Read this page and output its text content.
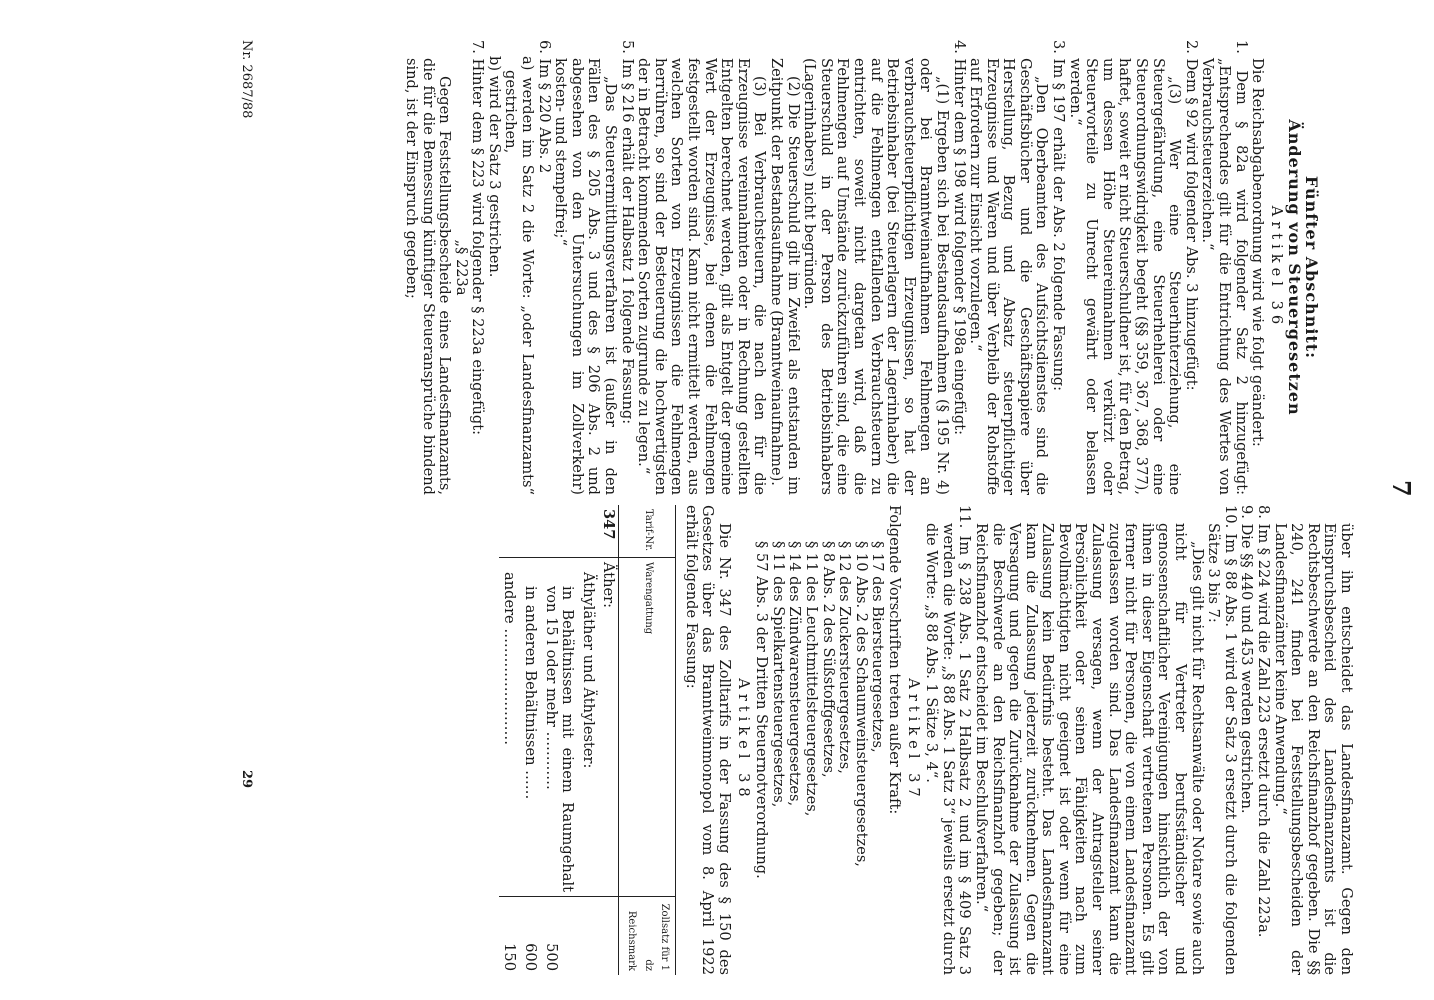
7

Fünfter Abschnitt:

Änderung von Steuergesetzen

Artikel 36

Die Reichsabgabenordnung wird wie folgt geändert:

1. Dem § 82a wird folgender Satz 2 hinzugefügt: „Entsprechendes gilt für die Entrichtung des Wertes von Verbrauchsteuerzeichen.“

2. Dem § 92 wird folgender Abs. 3 hinzugefügt:

„(3) Wer eine Steuerhinterziehung, eine Steuergefährdung, eine Steuerhehlerei oder eine Steuerordnungswidrigkeit begeht (§§ 359, 367, 368, 377), haftet, soweit er nicht Steuerschuldner ist, für den Betrag, um dessen Höhe Steuereinnahmen verkürzt oder Steuervorteile zu Unrecht gewährt oder belassen werden.“

3. Im § 197 erhält der Abs. 2 folgende Fassung:

„Den Oberbeamten des Aufsichtsdienstes sind die Geschäftsbücher und die Geschäftspapiere über Herstellung, Bezug und Absatz steuerpflichtiger Erzeugnisse und Waren und über Verbleib der Rohstoffe auf Erfordern zur Einsicht vorzulegen.“

4. Hinter dem § 198 wird folgender § 198a eingefügt:

„(1) Ergeben sich bei Bestandsaufnahmen (§ 195 Nr. 4) oder bei Branntweinaufnahmen Fehlmengen an verbrauchsteuerpflichtigen Erzeugnissen, so hat der Betriebsinhaber (bei Steuerlagern der Lagerinhaber) die auf die Fehlmengen entfallenden Verbrauchsteuern zu entrichten, soweit nicht dargetan wird, daß die Fehlmengen auf Umstände zurückzuführen sind, die eine Steuerschuld in der Person des Betriebsinhabers (Lagerinhabers) nicht begründen.

(2) Die Steuerschuld gilt im Zweifel als entstanden im Zeitpunkt der Bestandsaufnahme (Branntweinaufnahme).

(3) Bei Verbrauchsteuern, die nach den für die Erzeugnisse vereinnahmten oder in Rechnung gestellten Entgelten berechnet werden, gilt als Entgelt der gemeine Wert der Erzeugnisse, bei denen die Fehlmengen festgestellt worden sind. Kann nicht ermittelt werden, aus welchen Sorten von Erzeugnissen die Fehlmengen herrühren, so sind der Besteuerung die hochwertigsten der in Betracht kommenden Sorten zugrunde zu legen.“

5. Im § 216 erhält der Halbsatz 1 folgende Fassung:

„Das Steuerermittlungsverfahren ist (außer in den Fällen des § 205 Abs. 3 und des § 206 Abs. 2 und abgesehen von den Untersuchungen im Zollverkehr) kosten- und stempelfrei;“

6. Im § 220 Abs. 2

a) werden im Satz 2 die Worte: „oder Landesfinanzamts“ gestrichen,

b) wird der Satz 3 gestrichen.

7. Hinter dem § 223 wird folgender § 223a eingefügt:

„§ 223a

Gegen Feststellungsbescheide eines Landesfinanzamts, die für die Bemessung künftiger Steueransprüche bindend sind, ist der Einspruch gegeben;

über ihn entscheidet das Landesfinanzamt. Gegen den Einspruchsbescheid des Landesfinanzamts ist die Rechtsbeschwerde an den Reichsfinanzhof gegeben. Die §§ 240, 241 finden bei Feststellungsbescheiden der Landesfinanzämter keine Anwendung.“

8. Im § 224 wird die Zahl 223 ersetzt durch die Zahl 223a.

9. Die §§ 440 und 453 werden gestrichen.

10. Im § 88 Abs. 1 wird der Satz 3 ersetzt durch die folgenden Sätze 3 bis 7:

„Dies gilt nicht für Rechtsanwälte oder Notare sowie auch nicht für Vertreter berufsständischer und genossenschaftlicher Vereinigungen hinsichtlich der von ihnen in dieser Eigenschaft vertretenen Personen. Es gilt ferner nicht für Personen, die von einem Landesfinanzamt zugelassen worden sind. Das Landesfinanzamt kann die Zulassung versagen, wenn der Antragsteller seiner Persönlichkeit oder seinen Fähigkeiten nach zum Bevollmächtigten nicht geeignet ist oder wenn für eine Zulassung kein Bedürfnis besteht. Das Landesfinanzamt kann die Zulassung jederzeit zurücknehmen. Gegen die Versagung und gegen die Zurücknahme der Zulassung ist die Beschwerde an den Reichsfinanzhof gegeben; der Reichsfinanzhof entscheidet im Beschlußverfahren.“

11. Im § 238 Abs. 1 Satz 2 Halbsatz 2 und im § 409 Satz 3 werden die Worte: „§ 88 Abs. 1 Satz 3“ jeweils ersetzt durch die Worte: „§ 88 Abs. 1 Sätze 3, 4“.

Artikel 37

Folgende Vorschriften treten außer Kraft:

§ 17 des Biersteuergesetzes,

§ 10 Abs. 2 des Schaumweinsteuergesetzes,

§ 12 des Zuckersteuergesetzes,

§ 8 Abs. 2 des Süßstoffgesetzes,

§ 11 des Leuchtmittelsteuergesetzes,

§ 14 des Zündwarensteuergesetzes,

§ 11 des Spielkartensteuergesetzes,

§ 57 Abs. 3 der Dritten Steuernotverordnung.

Artikel 38

Die Nr. 347 des Zolltarifs in der Fassung des § 150 des Gesetzes über das Branntweinmonopol vom 8. April 1922 erhält folgende Fassung:

Tarif-Nr.	Warengattung	Zollsatz für 1 dz Reichsmark
347	Äther:	
	Äthyläther und Äthylester:	
	in Behältnissen mit einem Raumgehalt von 15 l oder mehr …………	500
	in anderen Behältnissen ……	600
	andere ……………………	150
Nr. 2687/88
29
